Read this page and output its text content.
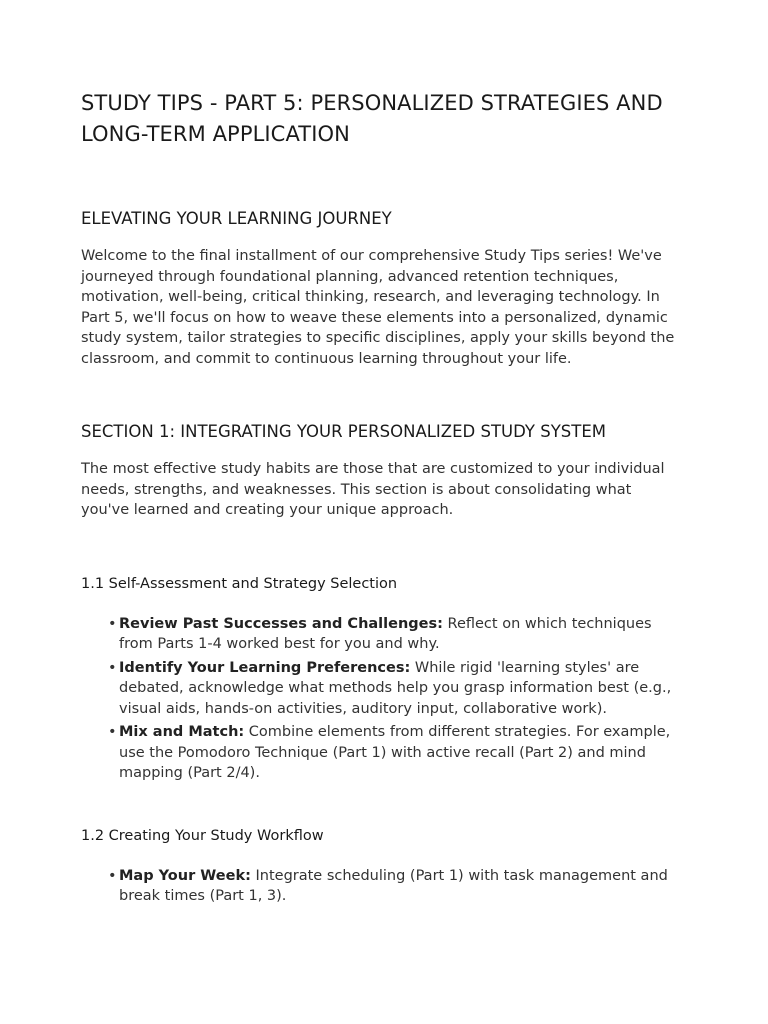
STUDY TIPS - PART 5: PERSONALIZED STRATEGIES AND LONG-TERM APPLICATION
ELEVATING YOUR LEARNING JOURNEY

Welcome to the final installment of our comprehensive Study Tips series! We've journeyed through foundational planning, advanced retention techniques, motivation, well-being, critical thinking, research, and leveraging technology. In Part 5, we'll focus on how to weave these elements into a personalized, dynamic study system, tailor strategies to specific disciplines, apply your skills beyond the classroom, and commit to continuous learning throughout your life.

SECTION 1: INTEGRATING YOUR PERSONALIZED STUDY SYSTEM

The most effective study habits are those that are customized to your individual needs, strengths, and weaknesses. This section is about consolidating what you've learned and creating your unique approach.

1.1 Self-Assessment and Strategy Selection
• Review Past Successes and Challenges: Reflect on which techniques from Parts 1-4 worked best for you and why.
• Identify Your Learning Preferences: While rigid 'learning styles' are debated, acknowledge what methods help you grasp information best (e.g., visual aids, hands-on activities, auditory input, collaborative work).
• Mix and Match: Combine elements from different strategies. For example, use the Pomodoro Technique (Part 1) with active recall (Part 2) and mind mapping (Part 2/4).
1.2 Creating Your Study Workflow
• Map Your Week: Integrate scheduling (Part 1) with task management and break times (Part 1, 3).
